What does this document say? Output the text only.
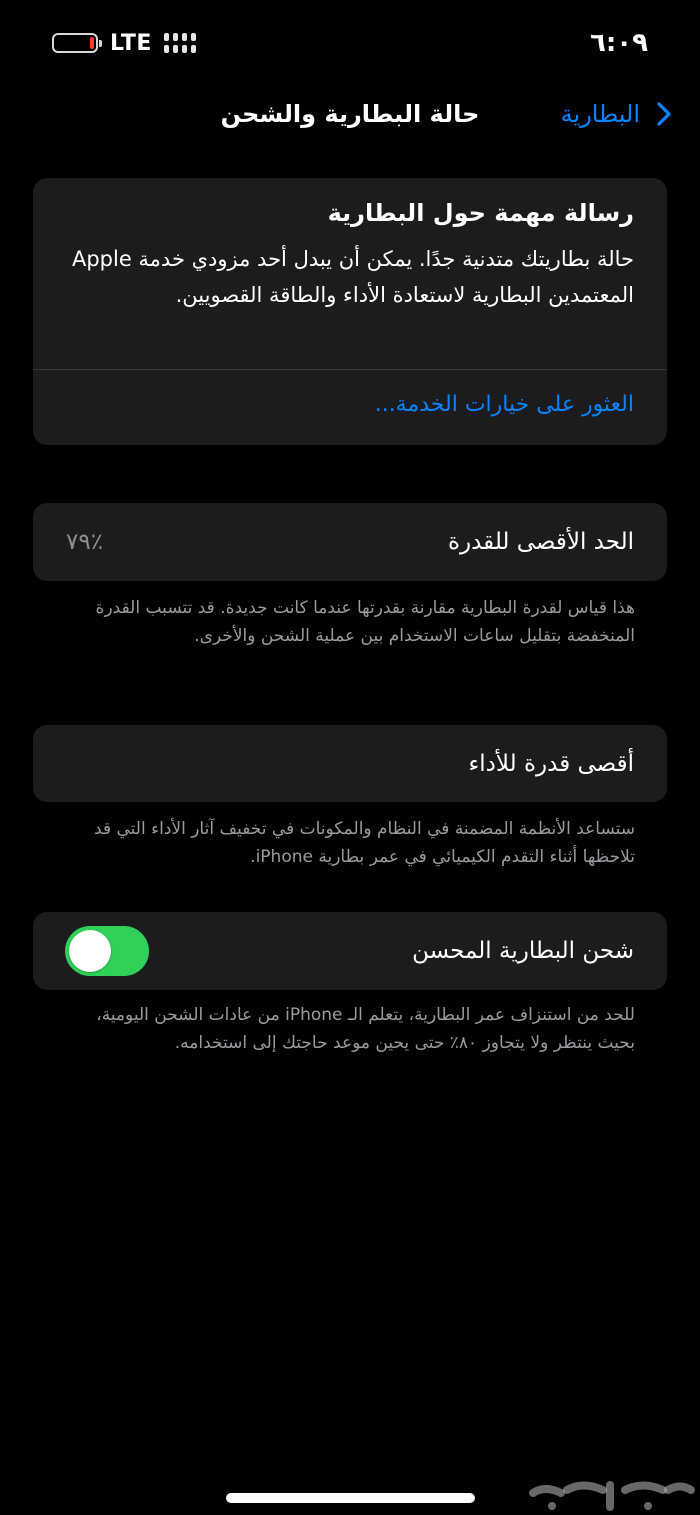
LTE	٦:٠٩
حالة البطارية والشحن	البطارية
رسالة مهمة حول البطارية
حالة بطاريتك متدنية جدًا. يمكن أن يبدل أحد مزودي خدمة Apple المعتمدين البطارية لاستعادة الأداء والطاقة القصويين.
العثور على خيارات الخدمة...
الحد الأقصى للقدرة
٪٧٩
هذا قياس لقدرة البطارية مقارنة بقدرتها عندما كانت جديدة. قد تتسبب القدرة المنخفضة بتقليل ساعات الاستخدام بين عملية الشحن والأخرى.
أقصى قدرة للأداء
ستساعد الأنظمة المضمنة في النظام والمكونات في تخفيف آثار الأداء التي قد تلاحظها أثناء التقدم الكيميائي في عمر بطارية iPhone.
شحن البطارية المحسن
للحد من استنزاف عمر البطارية، يتعلم الـ iPhone من عادات الشحن اليومية، بحيث ينتظر ولا يتجاوز ٨٠٪ حتى يحين موعد حاجتك إلى استخدامه.
